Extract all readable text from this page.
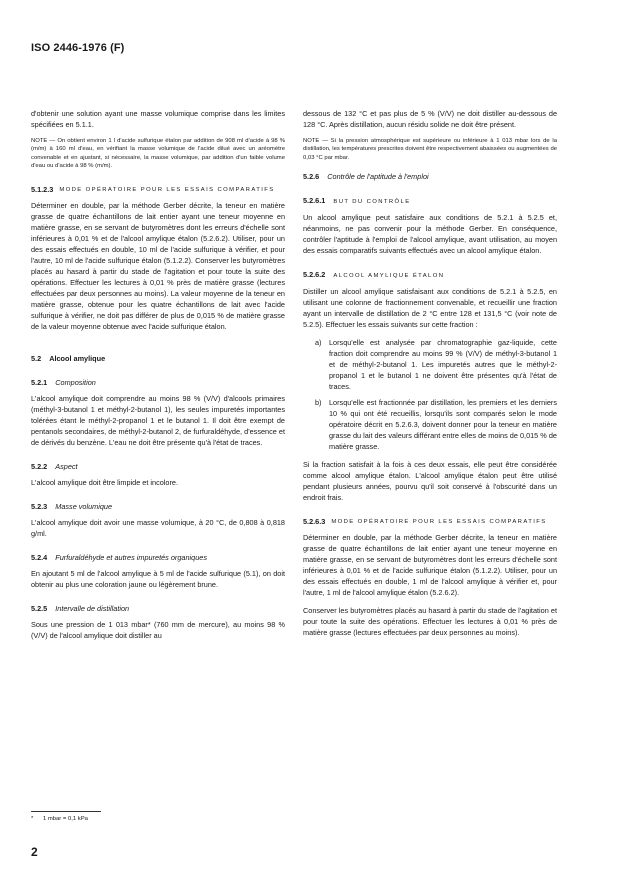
ISO 2446-1976 (F)

d'obtenir une solution ayant une masse volumique comprise dans les limites spécifiées en 5.1.1.

NOTE — On obtient environ 1 l d'acide sulfurique étalon par addition de 908 ml d'acide à 98 % (m/m) à 160 ml d'eau, en vérifiant la masse volumique de l'acide dilué avec un aréomètre convenable et en ajustant, si nécessaire, la masse volumique, par addition d'un faible volume d'eau ou d'acide à 98 % (m/m).

5.1.2.3 MODE OPÉRATOIRE POUR LES ESSAIS COMPARATIFS

Déterminer en double, par la méthode Gerber décrite, la teneur en matière grasse de quatre échantillons de lait entier ayant une teneur moyenne en matière grasse, en se servant de butyromètres dont les erreurs d'échelle sont inférieures à 0,01 % et de l'alcool amylique étalon (5.2.6.2). Utiliser, pour un des essais effectués en double, 10 ml de l'acide sulfurique à vérifier, et pour l'autre, 10 ml de l'acide sulfurique étalon (5.1.2.2). Conserver les butyromètres placés au hasard à partir du stade de l'agitation et pour toute la suite des opérations. Effectuer les lectures à 0,01 % près de matière grasse (lectures effectuées par deux personnes au moins). La valeur moyenne de la teneur en matière grasse, obtenue pour les quatre échantillons de lait avec l'acide sulfurique à vérifier, ne doit pas différer de plus de 0,015 % de matière grasse de la valeur moyenne obtenue avec l'acide sulfurique étalon.

5.2 Alcool amylique
5.2.1 Composition

L'alcool amylique doit comprendre au moins 98 % (V/V) d'alcools primaires (méthyl-3-butanol 1 et méthyl-2-butanol 1), les seules impuretés importantes tolérées étant le méthyl-2-propanol 1 et le butanol 1. Il doit être exempt de pentanols secondaires, de méthyl-2-butanol 2, de furfuraldéhyde, d'essence et de dérivés du benzène. L'eau ne doit être présente qu'à l'état de traces.

5.2.2 Aspect

L'alcool amylique doit être limpide et incolore.

5.2.3 Masse volumique

L'alcool amylique doit avoir une masse volumique, à 20 °C, de 0,808 à 0,818 g/ml.

5.2.4 Furfuraldéhyde et autres impuretés organiques

En ajoutant 5 ml de l'alcool amylique à 5 ml de l'acide sulfurique (5.1), on doit obtenir au plus une coloration jaune ou légèrement brune.

5.2.5 Intervalle de distillation

Sous une pression de 1 013 mbar* (760 mm de mercure), au moins 98 % (V/V) de l'alcool amylique doit distiller au

dessous de 132 °C et pas plus de 5 % (V/V) ne doit distiller au-dessous de 128 °C. Après distillation, aucun résidu solide ne doit être présent.

NOTE — Si la pression atmosphérique est supérieure ou inférieure à 1 013 mbar lors de la distillation, les températures prescrites doivent être respectivement abaissées ou augmentées de 0,03 °C par mbar.

5.2.6 Contrôle de l'aptitude à l'emploi
5.2.6.1 BUT DU CONTRÔLE

Un alcool amylique peut satisfaire aux conditions de 5.2.1 à 5.2.5 et, néanmoins, ne pas convenir pour la méthode Gerber. En conséquence, contrôler l'aptitude à l'emploi de l'alcool amylique, avant utilisation, au moyen des essais comparatifs suivants effectués avec un alcool amylique étalon.

5.2.6.2 ALCOOL AMYLIQUE ÉTALON

Distiller un alcool amylique satisfaisant aux conditions de 5.2.1 à 5.2.5, en utilisant une colonne de fractionnement convenable, et recueillir une fraction ayant un intervalle de distillation de 2 °C entre 128 et 131,5 °C (voir note de 5.2.5). Effectuer les essais suivants sur cette fraction :

a)	Lorsqu'elle est analysée par chromatographie gaz-liquide, cette fraction doit comprendre au moins 99 % (V/V) de méthyl-3-butanol 1 et de méthyl-2-butanol 1. Les impuretés autres que le méthyl-2-propanol 1 et le butanol 1 ne doivent être présentes qu'à l'état de traces.
b)	Lorsqu'elle est fractionnée par distillation, les premiers et les derniers 10 % qui ont été recueillis, lorsqu'ils sont comparés selon le mode opératoire décrit en 5.2.6.3, doivent donner pour la teneur en matière grasse du lait des valeurs différant entre elles de moins de 0,015 % de matière grasse.

Si la fraction satisfait à la fois à ces deux essais, elle peut être considérée comme alcool amylique étalon. L'alcool amylique étalon peut être utilisé pendant plusieurs années, pourvu qu'il soit conservé à l'obscurité dans un endroit frais.

5.2.6.3 MODE OPÉRATOIRE POUR LES ESSAIS COMPARATIFS

Déterminer en double, par la méthode Gerber décrite, la teneur en matière grasse de quatre échantillons de lait entier ayant une teneur moyenne en matière grasse, en se servant de butyromètres dont les erreurs d'échelle sont inférieures à 0,01 % et de l'acide sulfurique étalon (5.1.2.2). Utiliser, pour un des essais effectués en double, 1 ml de l'alcool amylique à vérifier et, pour l'autre, 1 ml de l'alcool amylique étalon (5.2.6.2).

Conserver les butyromètres placés au hasard à partir du stade de l'agitation et pour toute la suite des opérations. Effectuer les lectures à 0,01 % près de matière grasse (lectures effectuées par deux personnes au moins).

* 1 mbar = 0,1 kPa
2
